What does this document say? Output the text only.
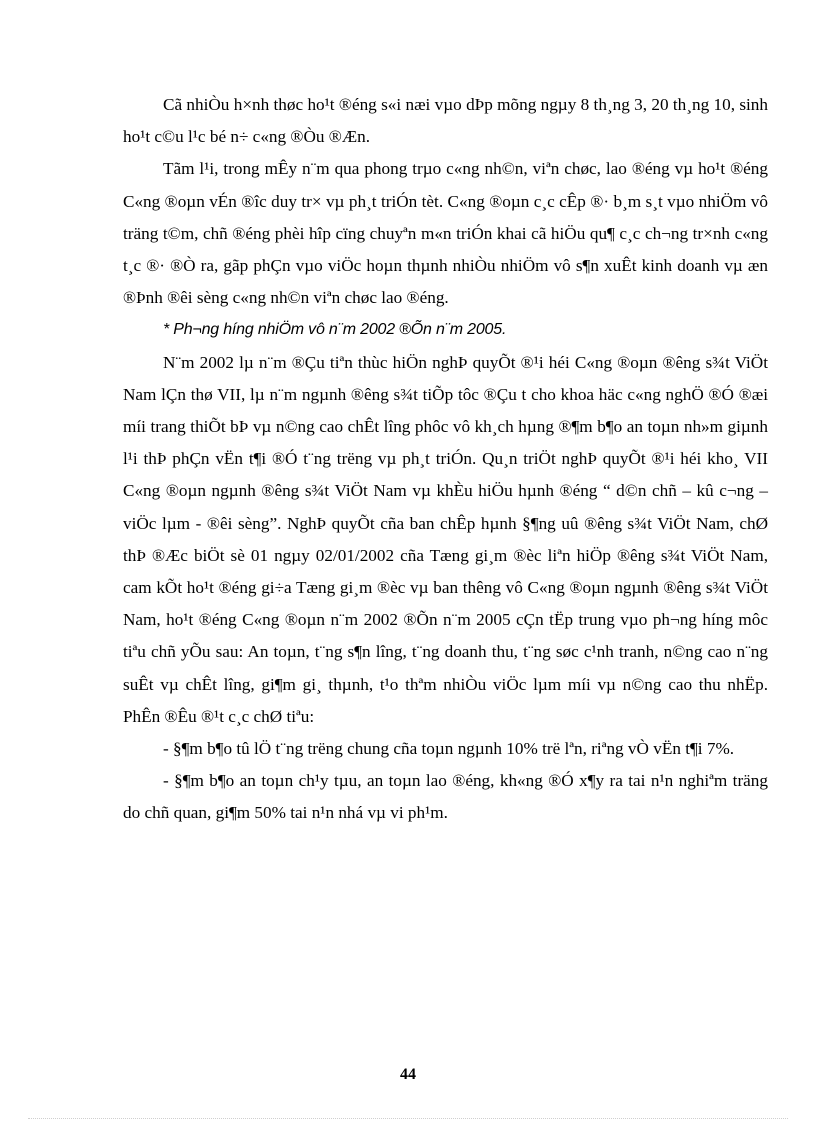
Cã nhiÒu h×nh thøc ho¹t ®éng s«i næi vµo dÞp mõng ngµy 8 th¸ng 3, 20 th¸ng 10, sinh ho¹t c©u l¹c bé n÷ c«ng ®Òu ®Æn.

Tãm l¹i, trong mÊy n¨m qua phong trµo c«ng nh©n, viªn chøc, lao ®éng vµ ho¹t ®éng C«ng ®oµn vÉn ®îc duy tr× vµ ph¸t triÓn tèt. C«ng ®oµn c¸c cÊp ®· b¸m s¸t vµo nhiÖm vô träng t©m, chñ ®éng phèi hîp cïng chuyªn m«n triÓn khai cã hiÖu qu¶ c¸c ch¬ng tr×nh c«ng t¸c ®· ®Ò ra, gãp phÇn vµo viÖc hoµn thµnh nhiÒu nhiÖm vô s¶n xuÊt kinh doanh vµ æn ®Þnh ®êi sèng c«ng nh©n viªn chøc lao ®éng.

* Ph¬ng híng nhiÖm vô n¨m 2002 ®Õn n¨m 2005.

N¨m 2002 lµ n¨m ®Çu tiªn thùc hiÖn nghÞ quyÕt ®¹i héi C«ng ®oµn ®êng s¾t ViÖt Nam lÇn thø VII, lµ n¨m ngµnh ®êng s¾t tiÕp tôc ®Çu t cho khoa häc c«ng nghÖ ®Ó ®æi míi trang thiÕt bÞ vµ n©ng cao chÊt lîng phôc vô kh¸ch hµng ®¶m b¶o an toµn nh»m giµnh l¹i thÞ phÇn vËn t¶i ®Ó t¨ng trëng vµ ph¸t triÓn. Qu¸n triÖt nghÞ quyÕt ®¹i héi kho¸ VII C«ng ®oµn ngµnh ®êng s¾t ViÖt Nam vµ khÈu hiÖu hµnh ®éng “ d©n chñ – kû c¬ng – viÖc lµm - ®êi sèng”. NghÞ quyÕt cña ban chÊp hµnh §¶ng uû ®êng s¾t ViÖt Nam, chØ thÞ ®Æc biÖt sè 01 ngµy 02/01/2002 cña Tæng gi¸m ®èc liªn hiÖp ®êng s¾t ViÖt Nam, cam kÕt ho¹t ®éng gi÷a Tæng gi¸m ®èc vµ ban thêng vô C«ng ®oµn ngµnh ®êng s¾t ViÖt Nam, ho¹t ®éng C«ng ®oµn n¨m 2002 ®Õn n¨m 2005 cÇn tËp trung vµo ph¬ng híng môc tiªu chñ yÕu sau: An toµn, t¨ng s¶n lîng, t¨ng doanh thu, t¨ng søc c¹nh tranh, n©ng cao n¨ng suÊt vµ chÊt lîng, gi¶m gi¸ thµnh, t¹o thªm nhiÒu viÖc lµm míi vµ n©ng cao thu nhËp. PhÊn ®Êu ®¹t c¸c chØ tiªu:

- §¶m b¶o tû lÖ t¨ng trëng chung cña toµn ngµnh 10% trë lªn, riªng vÒ vËn t¶i 7%.

- §¶m b¶o an toµn ch¹y tµu, an toµn lao ®éng, kh«ng ®Ó x¶y ra tai n¹n nghiªm träng do chñ quan, gi¶m 50% tai n¹n nhá vµ vi ph¹m.

44
